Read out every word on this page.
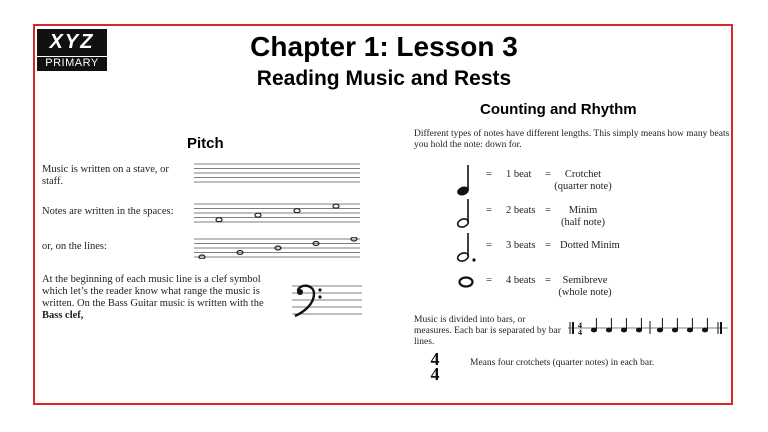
XYZ
PRIMARY
Chapter 1: Lesson 3
Reading Music and Rests
Pitch
Music is written on a stave, or staff.
Notes are written in the spaces:
or, on the lines:
At the beginning of each music line is a clef symbol which let’s the reader know what range the music is written. On the Bass Guitar music is written with the Bass clef,
Counting and Rhythm
Different types of notes have different lengths. This simply means how many beats you hold the note: down for.
= 1 beat =	Crotchet
(quarter note)
= 2 beats =	Minim
(half note)
= 3 beats = Dotted Minim
= 4 beats =	Semibreve
(whole note)
Music is divided into bars, or measures. Each bar is separated by bar lines.
4
4
4
4
Means four crotchets (quarter notes) in each bar.
